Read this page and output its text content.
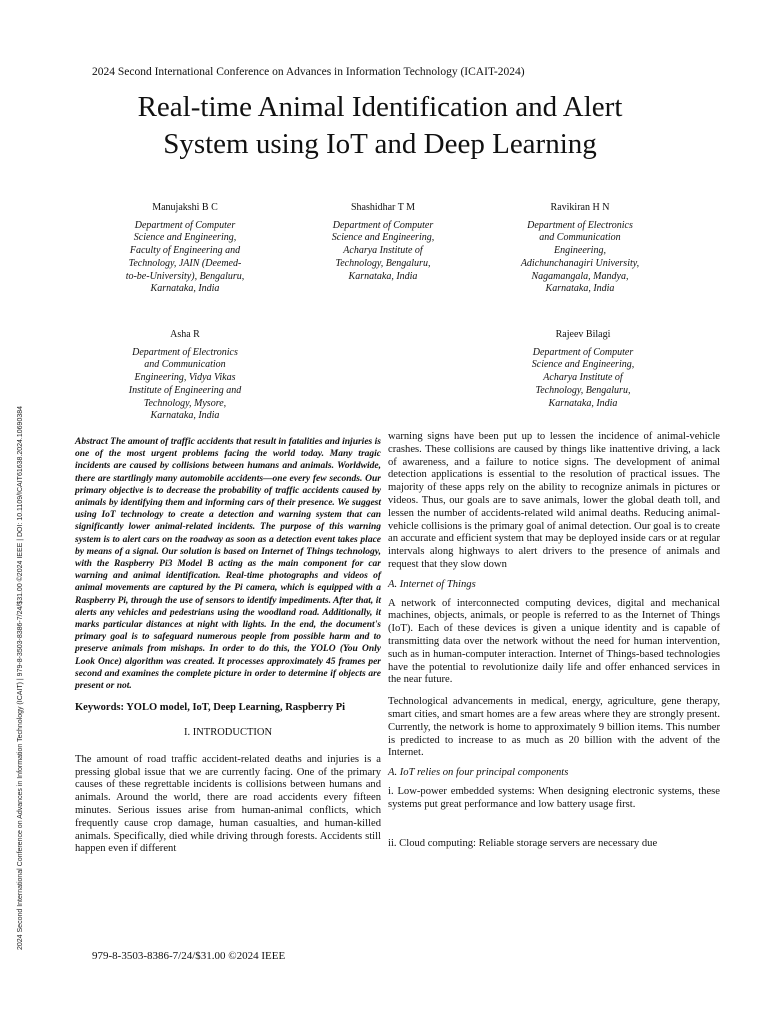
2024 Second International Conference on Advances in Information Technology (ICAIT-2024)
Real-time Animal Identification and Alert
System using IoT and Deep Learning
Manujakshi B C
Department of Computer
Science and Engineering,
Faculty of Engineering and
Technology, JAIN (Deemed-
to-be-University), Bengaluru,
Karnataka, India
Shashidhar T M
Department of Computer
Science and Engineering,
Acharya Institute of
Technology, Bengaluru,
Karnataka, India
Ravikiran H N
Department of Electronics
and Communication
Engineering,
Adichunchanagiri University,
Nagamangala, Mandya,
Karnataka, India
Asha R
Department of Electronics
and Communication
Engineering, Vidya Vikas
Institute of Engineering and
Technology, Mysore,
Karnataka, India
Rajeev Bilagi
Department of Computer
Science and Engineering,
Acharya Institute of
Technology, Bengaluru,
Karnataka, India

Abstract The amount of traffic accidents that result in fatalities and injuries is one of the most urgent problems facing the world today. Many tragic incidents are caused by collisions between humans and animals. Worldwide, there are startlingly many automobile accidents—one every few seconds. Our primary objective is to decrease the probability of traffic accidents caused by animals by identifying them and informing cars of their presence. We suggest using IoT technology to create a detection and warning system that can significantly lower animal-related incidents. The purpose of this warning system is to alert cars on the roadway as soon as a detection event takes place by means of a signal. Our solution is based on Internet of Things technology, with the Raspberry Pi3 Model B acting as the main component for car warning and animal identification. Real-time photographs and videos of animal movements are captured by the Pi camera, which is equipped with a Raspberry Pi, through the use of sensors to identify impediments. After that, it alerts any vehicles and pedestrians using the woodland road. Additionally, it marks particular distances at night with lights. In the end, the document's primary goal is to safeguard numerous people from possible harm and to preserve animals from mishaps. In order to do this, the YOLO (You Only Look Once) algorithm was created. It processes approximately 45 frames per second and examines the complete picture in order to determine if objects are present or not.

Keywords: YOLO model, IoT, Deep Learning, Raspberry Pi

I. INTRODUCTION

The amount of road traffic accident-related deaths and injuries is a pressing global issue that we are currently facing. One of the primary causes of these regrettable incidents is collisions between humans and animals. Around the world, there are road accidents every fifteen minutes. Serious issues arise from human-animal conflicts, which frequently cause crop damage, human casualties, and human-killed animals. Specifically, died while driving through forests. Accidents still happen even if different

warning signs have been put up to lessen the incidence of animal-vehicle crashes. These collisions are caused by things like inattentive driving, a lack of awareness, and a failure to notice signs. The development of animal detection applications is essential to the resolution of practical issues. The majority of these apps rely on the ability to recognize animals in pictures or videos. Thus, our goals are to save animals, lower the global death toll, and lessen the number of accidents-related wild animal deaths. Reducing animal-vehicle collisions is the primary goal of animal detection. Our goal is to create an accurate and efficient system that may be deployed inside cars or at regular intervals along highways to alert drivers to the presence of animals and request that they slow down

A. Internet of Things

A network of interconnected computing devices, digital and mechanical machines, objects, animals, or people is referred to as the Internet of Things (IoT). Each of these devices is given a unique identity and is capable of transmitting data over the network without the need for human intervention, such as in human-computer interaction. Internet of Things-based technologies have the potential to revolutionize daily life and offer enhanced services in the near future.

Technological advancements in medical, energy, agriculture, gene therapy, smart cities, and smart homes are a few areas where they are strongly present. Currently, the network is home to approximately 9 billion items. This number is predicted to increase to as much as 20 billion with the advent of the Internet.

A. IoT relies on four principal components

i. Low-power embedded systems: When designing electronic systems, these systems put great performance and low battery usage first.

ii. Cloud computing: Reliable storage servers are necessary due

979-8-3503-8386-7/24/$31.00 ©2024 IEEE
2024 Second International Conference on Advances in Information Technology (ICAIT) | 979-8-3503-8386-7/24/$31.00 ©2024 IEEE | DOI: 10.1109/ICAIT61638.2024.10690384
